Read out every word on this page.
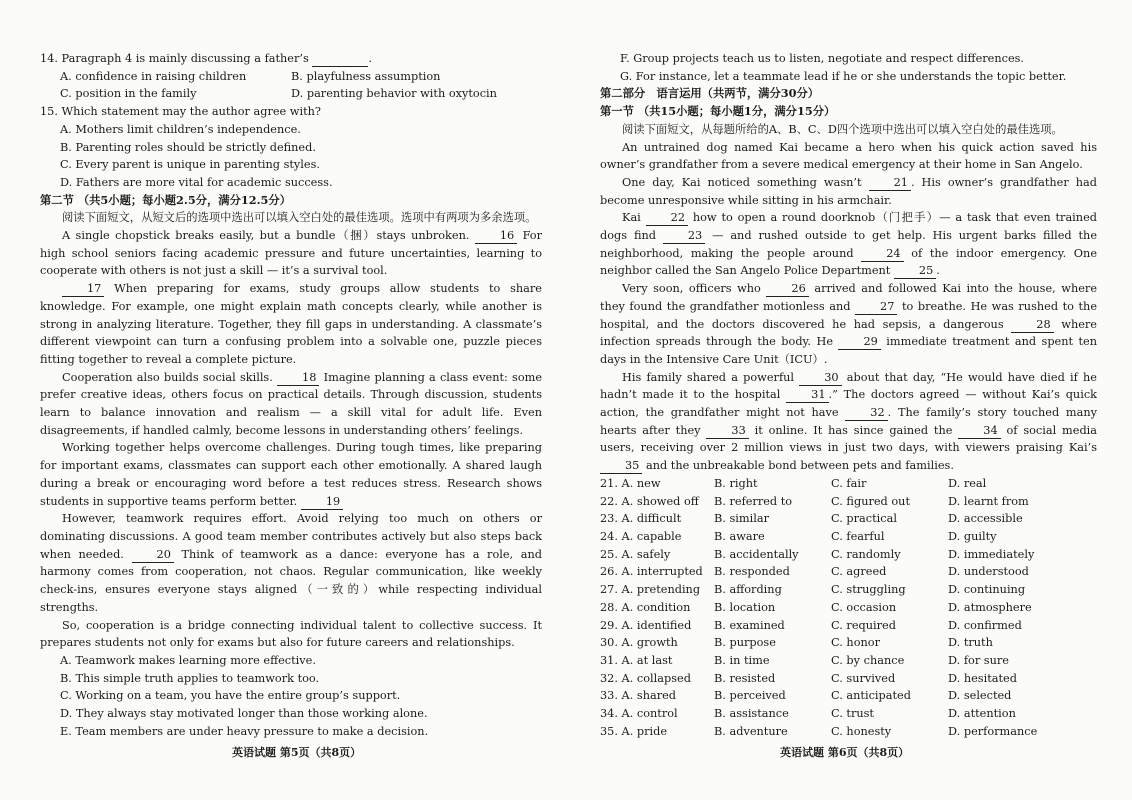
14. Paragraph 4 is mainly discussing a father’s	.

A. confidence in raising children	B. playfulness assumption
C. position in the family	D. parenting behavior with oxytocin

15. Which statement may the author agree with?

A. Mothers limit children’s independence.

B. Parenting roles should be strictly defined.

C. Every parent is unique in parenting styles.

D. Fathers are more vital for academic success.

第二节 （共5小题；每小题2.5分，满分12.5分）

阅读下面短文，从短文后的选项中选出可以填入空白处的最佳选项。选项中有两项为多余选项。

A single chopstick breaks easily, but a bundle（捆）stays unbroken.	16 For high school seniors facing academic pressure and future uncertainties, learning to cooperate with others is not just a skill — it’s a survival tool.

17 When preparing for exams, study groups allow students to share knowledge. For example, one might explain math concepts clearly, while another is strong in analyzing literature. Together, they fill gaps in understanding. A classmate’s different viewpoint can turn a confusing problem into a solvable one, puzzle pieces fitting together to reveal a complete picture.

Cooperation also builds social skills.	18 Imagine planning a class event: some prefer creative ideas, others focus on practical details. Through discussion, students learn to balance innovation and realism — a skill vital for adult life. Even disagreements, if handled calmly, become lessons in understanding others’ feelings.

Working together helps overcome challenges. During tough times, like preparing for important exams, classmates can support each other emotionally. A shared laugh during a break or encouraging word before a test reduces stress. Research shows students in supportive teams perform better.	19

However, teamwork requires effort. Avoid relying too much on others or dominating discussions. A good team member contributes actively but also steps back when needed.	20 Think of teamwork as a dance: everyone has a role, and harmony comes from cooperation, not chaos. Regular communication, like weekly check-ins, ensures everyone stays aligned（一致的）while respecting individual strengths.

So, cooperation is a bridge connecting individual talent to collective success. It prepares students not only for exams but also for future careers and relationships.

A. Teamwork makes learning more effective.

B. This simple truth applies to teamwork too.

C. Working on a team, you have the entire group’s support.

D. They always stay motivated longer than those working alone.

E. Team members are under heavy pressure to make a decision.

英语试题 第5页（共8页）

F. Group projects teach us to listen, negotiate and respect differences.

G. For instance, let a teammate lead if he or she understands the topic better.

第二部分　语言运用（共两节，满分30分）

第一节 （共15小题；每小题1分，满分15分）

阅读下面短文，从每题所给的A、B、C、D四个选项中选出可以填入空白处的最佳选项。

An untrained dog named Kai became a hero when his quick action saved his owner’s grandfather from a severe medical emergency at their home in San Angelo.

One day, Kai noticed something wasn’t	21 . His owner’s grandfather had become unresponsive while sitting in his armchair.

Kai	22 how to open a round doorknob（门把手）— a task that even trained dogs find	23 — and rushed outside to get help. His urgent barks filled the neighborhood, making the people around	24 of the indoor emergency. One neighbor called the San Angelo Police Department	25 .

Very soon, officers who	26 arrived and followed Kai into the house, where they found the grandfather motionless and	27 to breathe. He was rushed to the hospital, and the doctors discovered he had sepsis, a dangerous	28 where infection spreads through the body. He	29 immediate treatment and spent ten days in the Intensive Care Unit（ICU）.

His family shared a powerful	30 about that day, “He would have died if he hadn’t made it to the hospital	31 .” The doctors agreed — without Kai’s quick action, the grandfather might not have	32 . The family’s story touched many hearts after they	33 it online. It has since gained the	34 of social media users, receiving over 2 million views in just two days, with viewers praising Kai’s 35 and the unbreakable bond between pets and families.

21. A. new	B. right	C. fair	D. real
22. A. showed off	B. referred to	C. figured out	D. learnt from
23. A. difficult	B. similar	C. practical	D. accessible
24. A. capable	B. aware	C. fearful	D. guilty
25. A. safely	B. accidentally	C. randomly	D. immediately
26. A. interrupted B. responded	C. agreed	D. understood
27. A. pretending	B. affording	C. struggling	D. continuing
28. A. condition	B. location	C. occasion	D. atmosphere
29. A. identified	B. examined	C. required	D. confirmed
30. A. growth	B. purpose	C. honor	D. truth
31. A. at last	B. in time	C. by chance	D. for sure
32. A. collapsed	B. resisted	C. survived	D. hesitated
33. A. shared	B. perceived	C. anticipated	D. selected
34. A. control	B. assistance	C. trust	D. attention
35. A. pride	B. adventure	C. honesty	D. performance
英语试题 第6页（共8页）
